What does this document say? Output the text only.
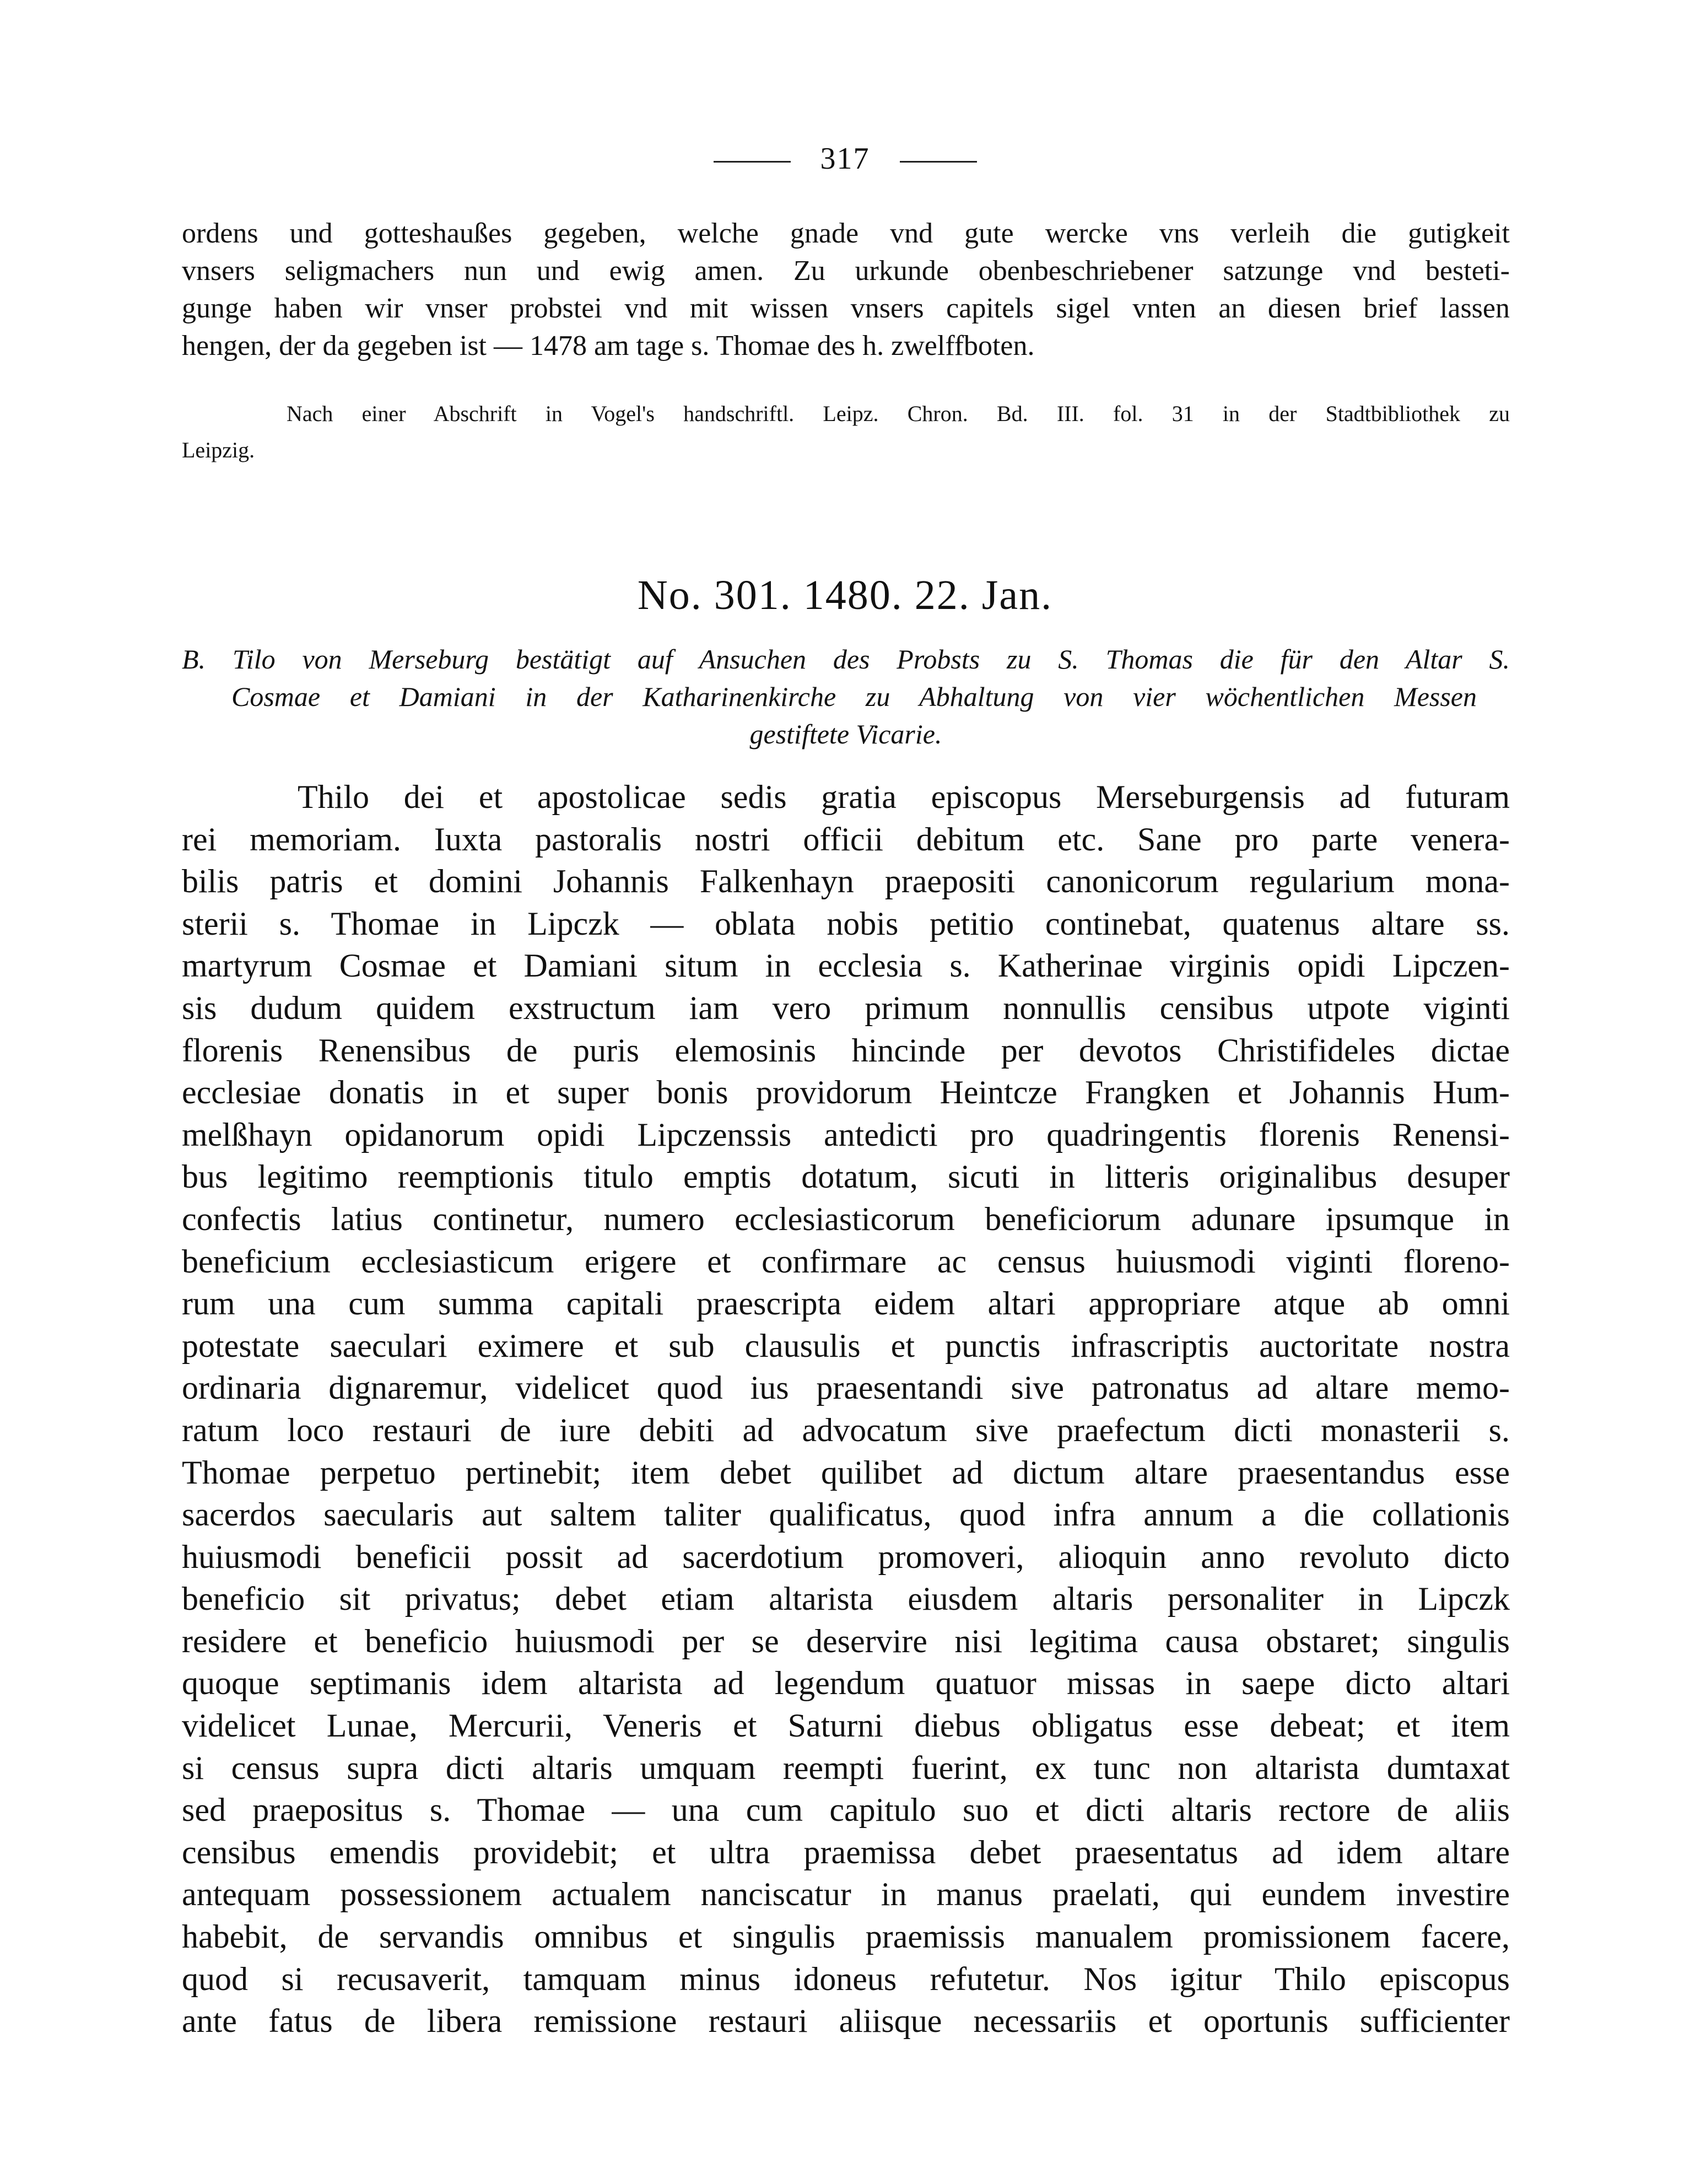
317
ordens und gotteshaußes gegeben, welche gnade vnd gute wercke vns verleih die gutigkeit
vnsers seligmachers nun und ewig amen. Zu urkunde obenbeschriebener satzunge vnd besteti-
gunge haben wir vnser probstei vnd mit wissen vnsers capitels sigel vnten an diesen brief lassen
hengen, der da gegeben ist — 1478 am tage s. Thomae des h. zwelffboten.
Nach einer Abschrift in Vogel's handschriftl. Leipz. Chron. Bd. III. fol. 31 in der Stadtbibliothek zu
Leipzig.
No. 301. 1480. 22. Jan.
B. Tilo von Merseburg bestätigt auf Ansuchen des Probsts zu S. Thomas die für den Altar S.
Cosmae et Damiani in der Katharinenkirche zu Abhaltung von vier wöchentlichen Messen
gestiftete Vicarie.
Thilo dei et apostolicae sedis gratia episcopus Merseburgensis ad futuram
rei memoriam. Iuxta pastoralis nostri officii debitum etc. Sane pro parte venera-
bilis patris et domini Johannis Falkenhayn praepositi canonicorum regularium mona-
sterii s. Thomae in Lipczk — oblata nobis petitio continebat, quatenus altare ss.
martyrum Cosmae et Damiani situm in ecclesia s. Katherinae virginis opidi Lipczen-
sis dudum quidem exstructum iam vero primum nonnullis censibus utpote viginti
florenis Renensibus de puris elemosinis hincinde per devotos Christifideles dictae
ecclesiae donatis in et super bonis providorum Heintcze Frangken et Johannis Hum-
melßhayn opidanorum opidi Lipczenssis antedicti pro quadringentis florenis Renensi-
bus legitimo reemptionis titulo emptis dotatum, sicuti in litteris originalibus desuper
confectis latius continetur, numero ecclesiasticorum beneficiorum adunare ipsumque in
beneficium ecclesiasticum erigere et confirmare ac census huiusmodi viginti floreno-
rum una cum summa capitali praescripta eidem altari appropriare atque ab omni
potestate saeculari eximere et sub clausulis et punctis infrascriptis auctoritate nostra
ordinaria dignaremur, videlicet quod ius praesentandi sive patronatus ad altare memo-
ratum loco restauri de iure debiti ad advocatum sive praefectum dicti monasterii s.
Thomae perpetuo pertinebit; item debet quilibet ad dictum altare praesentandus esse
sacerdos saecularis aut saltem taliter qualificatus, quod infra annum a die collationis
huiusmodi beneficii possit ad sacerdotium promoveri, alioquin anno revoluto dicto
beneficio sit privatus; debet etiam altarista eiusdem altaris personaliter in Lipczk
residere et beneficio huiusmodi per se deservire nisi legitima causa obstaret; singulis
quoque septimanis idem altarista ad legendum quatuor missas in saepe dicto altari
videlicet Lunae, Mercurii, Veneris et Saturni diebus obligatus esse debeat; et item
si census supra dicti altaris umquam reempti fuerint, ex tunc non altarista dumtaxat
sed praepositus s. Thomae — una cum capitulo suo et dicti altaris rectore de aliis
censibus emendis providebit; et ultra praemissa debet praesentatus ad idem altare
antequam possessionem actualem nanciscatur in manus praelati, qui eundem investire
habebit, de servandis omnibus et singulis praemissis manualem promissionem facere,
quod si recusaverit, tamquam minus idoneus refutetur. Nos igitur Thilo episcopus
ante fatus de libera remissione restauri aliisque necessariis et oportunis sufficienter
